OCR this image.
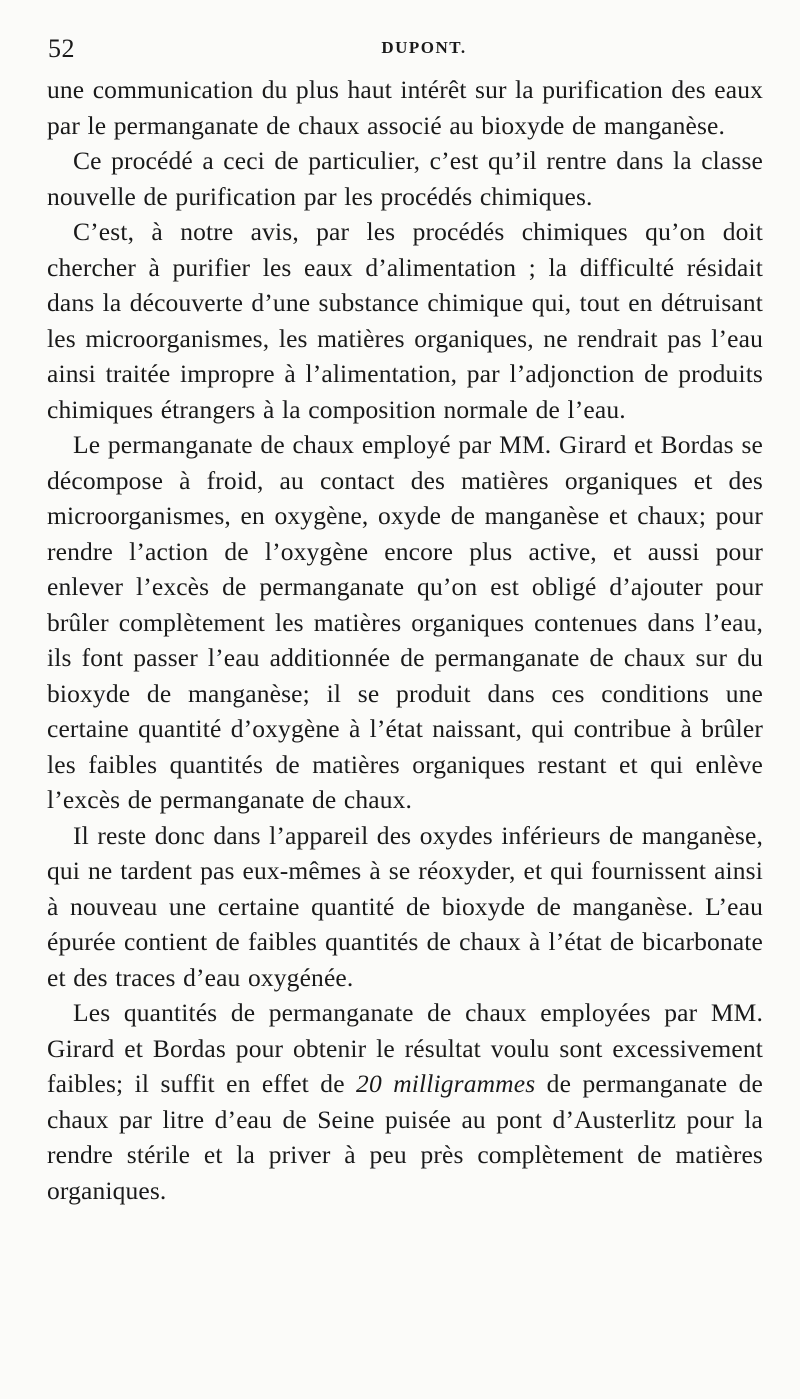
52	DUPONT.

une communication du plus haut intérêt sur la purification des eaux par le permanganate de chaux associé au bioxyde de manganèse.

Ce procédé a ceci de particulier, c’est qu’il rentre dans la classe nouvelle de purification par les procédés chimiques.

C’est, à notre avis, par les procédés chimiques qu’on doit chercher à purifier les eaux d’alimentation ; la difficulté résidait dans la découverte d’une substance chimique qui, tout en détruisant les microorganismes, les matières organiques, ne rendrait pas l’eau ainsi traitée impropre à l’alimentation, par l’adjonction de produits chimiques étrangers à la composition normale de l’eau.

Le permanganate de chaux employé par MM. Girard et Bordas se décompose à froid, au contact des matières organiques et des microorganismes, en oxygène, oxyde de manganèse et chaux; pour rendre l’action de l’oxygène encore plus active, et aussi pour enlever l’excès de permanganate qu’on est obligé d’ajouter pour brûler complètement les matières organiques contenues dans l’eau, ils font passer l’eau additionnée de permanganate de chaux sur du bioxyde de manganèse; il se produit dans ces conditions une certaine quantité d’oxygène à l’état naissant, qui contribue à brûler les faibles quantités de matières organiques restant et qui enlève l’excès de permanganate de chaux.

Il reste donc dans l’appareil des oxydes inférieurs de manganèse, qui ne tardent pas eux-mêmes à se réoxyder, et qui fournissent ainsi à nouveau une certaine quantité de bioxyde de manganèse. L’eau épurée contient de faibles quantités de chaux à l’état de bicarbonate et des traces d’eau oxygénée.

Les quantités de permanganate de chaux employées par MM. Girard et Bordas pour obtenir le résultat voulu sont excessivement faibles; il suffit en effet de 20 milligrammes de permanganate de chaux par litre d’eau de Seine puisée au pont d’Austerlitz pour la rendre stérile et la priver à peu près complètement de matières organiques.
